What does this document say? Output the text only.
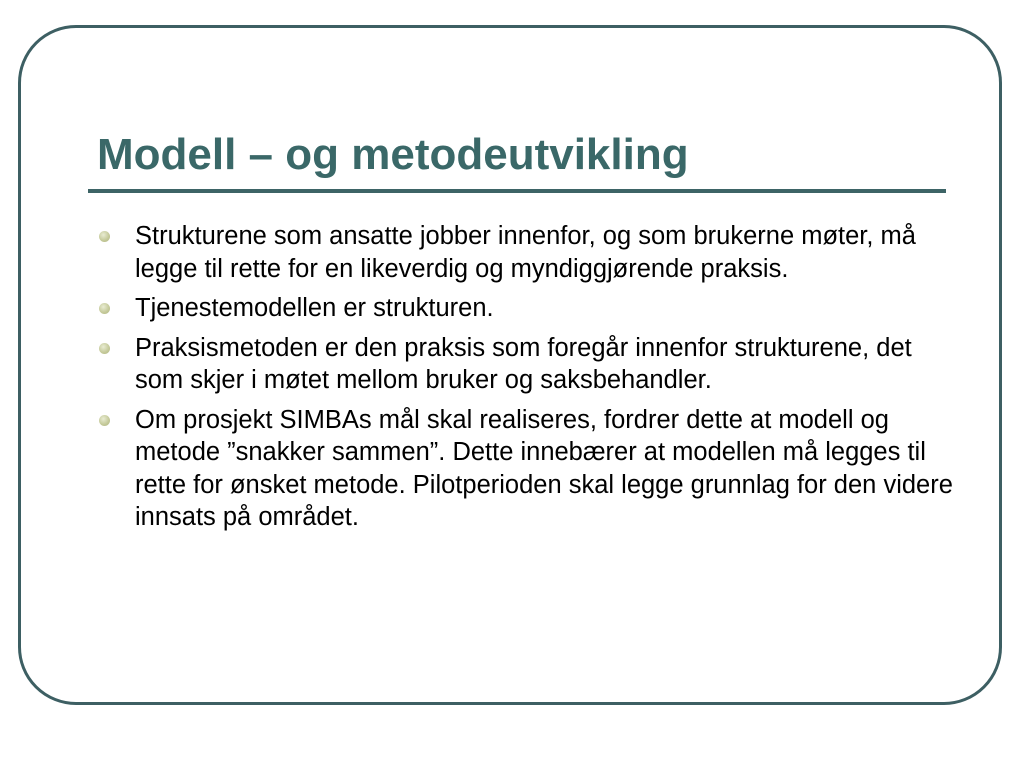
Modell – og metodeutvikling
Strukturene som ansatte jobber innenfor, og som brukerne møter, må legge til rette for en likeverdig og myndiggjørende praksis.
Tjenestemodellen er strukturen.
Praksismetoden er den praksis som foregår innenfor strukturene, det som skjer i møtet mellom bruker og saksbehandler.
Om prosjekt SIMBAs mål skal realiseres, fordrer dette at modell og metode ”snakker sammen”. Dette innebærer at modellen må legges til rette for ønsket metode. Pilotperioden skal legge grunnlag for den videre innsats på området.
